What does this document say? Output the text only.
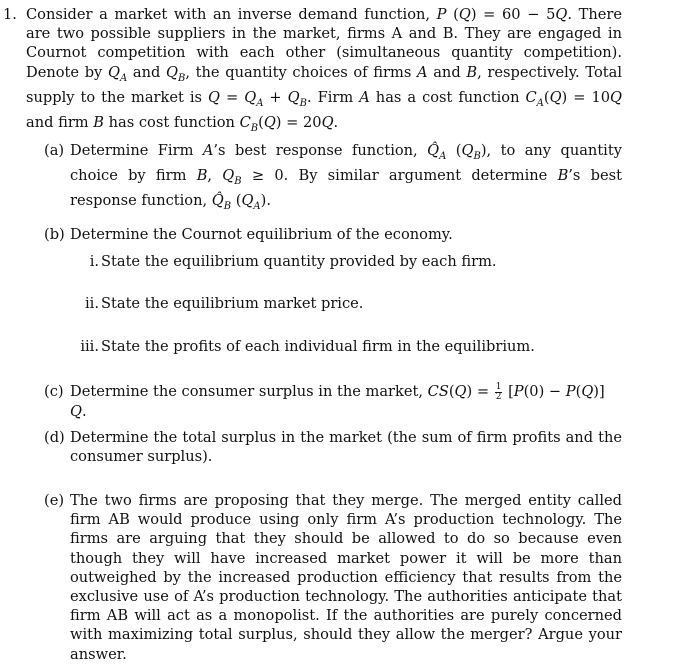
1. Consider a market with an inverse demand function, P (Q) = 60 − 5Q. There are two possible suppliers in the market, firms A and B. They are engaged in Cournot competition with each other (simultaneous quantity competition). Denote by $Q_A$ and $Q_B$, the quantity choices of firms A and B, respectively. Total supply to the market is $Q = Q_A + Q_B$. Firm A has a cost function $C_A(Q) = 10Q$ and firm B has cost function $C_B(Q) = 20Q$.
(a) Determine Firm A’s best response function, $Q̂_A$ $(Q_B)$, to any quantity choice by firm B, $Q_B \ge 0$. By similar argument determine B’s best response function, $Q̂_B$ $(Q_A)$.
(b) Determine the Cournot equilibrium of the economy.
i. State the equilibrium quantity provided by each firm.
ii. State the equilibrium market price.
iii. State the profits of each individual firm in the equilibrium.
(c) Determine the consumer surplus in the market, $CS(Q) = \frac{1}{2} [P(0) - P(Q)]$ Q.
(d) Determine the total surplus in the market (the sum of firm profits and the consumer surplus).
(e) The two firms are proposing that they merge. The merged entity called firm AB would produce using only firm A’s production technology. The firms are arguing that they should be allowed to do so because even though they will have increased market power it will be more than outweighed by the increased production efficiency that results from the exclusive use of A’s production technology. The authorities anticipate that firm AB will act as a monopolist. If the authorities are purely concerned with maximizing total surplus, should they allow the merger? Argue your answer.
